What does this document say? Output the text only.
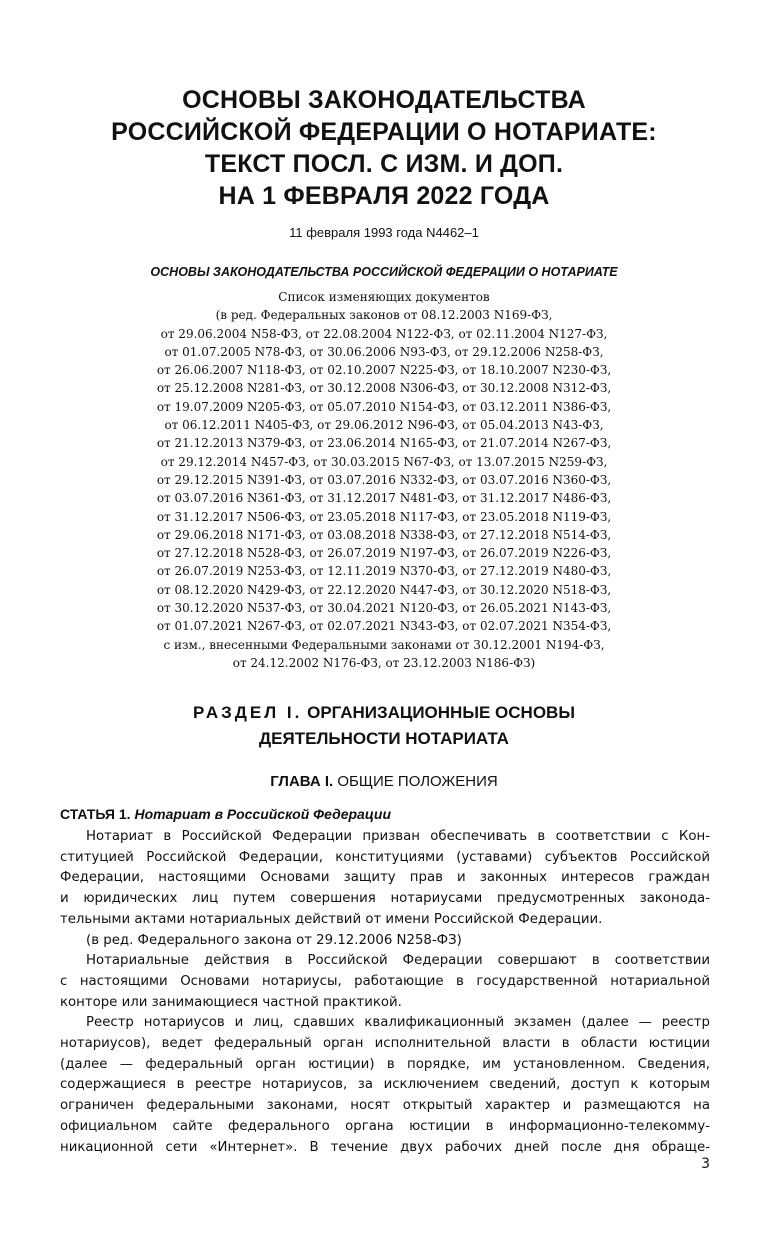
ОСНОВЫ ЗАКОНОДАТЕЛЬСТВА
РОССИЙСКОЙ ФЕДЕРАЦИИ О НОТАРИАТЕ:
ТЕКСТ ПОСЛ. С ИЗМ. И ДОП.
НА 1 ФЕВРАЛЯ 2022 ГОДА
11 февраля 1993 года N4462–1
ОСНОВЫ ЗАКОНОДАТЕЛЬСТВА РОССИЙСКОЙ ФЕДЕРАЦИИ О НОТАРИАТЕ
Список изменяющих документов
(в ред. Федеральных законов от 08.12.2003 N169-ФЗ,
от 29.06.2004 N58-ФЗ, от 22.08.2004 N122-ФЗ, от 02.11.2004 N127-ФЗ,
от 01.07.2005 N78-ФЗ, от 30.06.2006 N93-ФЗ, от 29.12.2006 N258-ФЗ,
от 26.06.2007 N118-ФЗ, от 02.10.2007 N225-ФЗ, от 18.10.2007 N230-ФЗ,
от 25.12.2008 N281-ФЗ, от 30.12.2008 N306-ФЗ, от 30.12.2008 N312-ФЗ,
от 19.07.2009 N205-ФЗ, от 05.07.2010 N154-ФЗ, от 03.12.2011 N386-ФЗ,
от 06.12.2011 N405-ФЗ, от 29.06.2012 N96-ФЗ, от 05.04.2013 N43-ФЗ,
от 21.12.2013 N379-ФЗ, от 23.06.2014 N165-ФЗ, от 21.07.2014 N267-ФЗ,
от 29.12.2014 N457-ФЗ, от 30.03.2015 N67-ФЗ, от 13.07.2015 N259-ФЗ,
от 29.12.2015 N391-ФЗ, от 03.07.2016 N332-ФЗ, от 03.07.2016 N360-ФЗ,
от 03.07.2016 N361-ФЗ, от 31.12.2017 N481-ФЗ, от 31.12.2017 N486-ФЗ,
от 31.12.2017 N506-ФЗ, от 23.05.2018 N117-ФЗ, от 23.05.2018 N119-ФЗ,
от 29.06.2018 N171-ФЗ, от 03.08.2018 N338-ФЗ, от 27.12.2018 N514-ФЗ,
от 27.12.2018 N528-ФЗ, от 26.07.2019 N197-ФЗ, от 26.07.2019 N226-ФЗ,
от 26.07.2019 N253-ФЗ, от 12.11.2019 N370-ФЗ, от 27.12.2019 N480-ФЗ,
от 08.12.2020 N429-ФЗ, от 22.12.2020 N447-ФЗ, от 30.12.2020 N518-ФЗ,
от 30.12.2020 N537-ФЗ, от 30.04.2021 N120-ФЗ, от 26.05.2021 N143-ФЗ,
от 01.07.2021 N267-ФЗ, от 02.07.2021 N343-ФЗ, от 02.07.2021 N354-ФЗ,
с изм., внесенными Федеральными законами от 30.12.2001 N194-ФЗ,
от 24.12.2002 N176-ФЗ, от 23.12.2003 N186-ФЗ)
РАЗДЕЛ I. ОРГАНИЗАЦИОННЫЕ ОСНОВЫ
ДЕЯТЕЛЬНОСТИ НОТАРИАТА
ГЛАВА I. ОБЩИЕ ПОЛОЖЕНИЯ
СТАТЬЯ 1. Нотариат в Российской Федерации
Нотариат в Российской Федерации призван обеспечивать в соответствии с Кон-
ституцией Российской Федерации, конституциями (уставами) субъектов Российской
Федерации, настоящими Основами защиту прав и законных интересов граждан
и юридических лиц путем совершения нотариусами предусмотренных законода-
тельными актами нотариальных действий от имени Российской Федерации.
(в ред. Федерального закона от 29.12.2006 N258-ФЗ)
Нотариальные действия в Российской Федерации совершают в соответствии
с настоящими Основами нотариусы, работающие в государственной нотариальной
конторе или занимающиеся частной практикой.
Реестр нотариусов и лиц, сдавших квалификационный экзамен (далее — реестр
нотариусов), ведет федеральный орган исполнительной власти в области юстиции
(далее — федеральный орган юстиции) в порядке, им установленном. Сведения,
содержащиеся в реестре нотариусов, за исключением сведений, доступ к которым
ограничен федеральными законами, носят открытый характер и размещаются на
официальном сайте федерального органа юстиции в информационно-телекомму-
никационной сети «Интернет». В течение двух рабочих дней после дня обраще-
3
